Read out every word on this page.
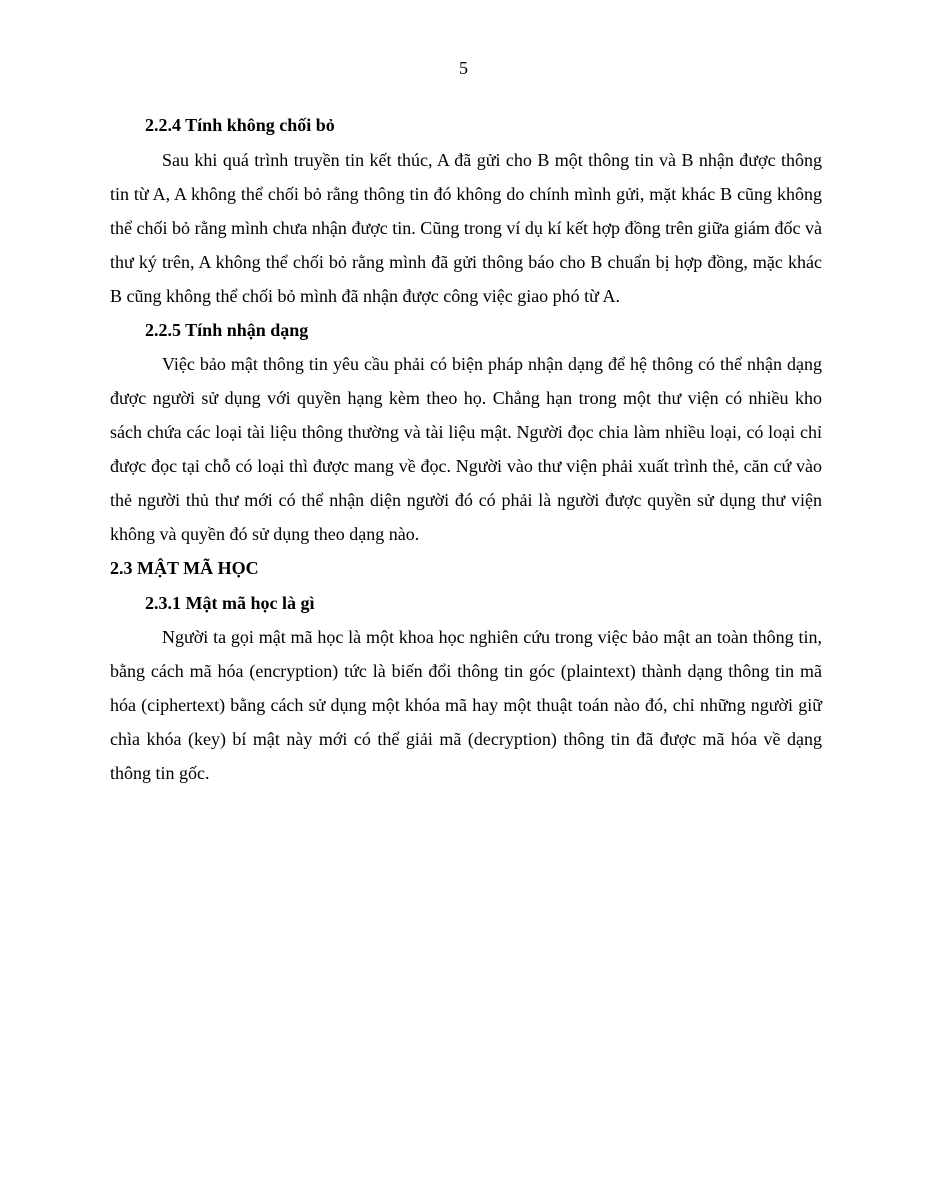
5
2.2.4 Tính không chối bỏ

Sau khi quá trình truyền tin kết thúc, A đã gửi cho B một thông tin và B nhận được thông tin từ A, A không thể chối bỏ rằng thông tin đó không do chính mình gửi, mặt khác B cũng không thể chối bỏ rằng mình chưa nhận được tin. Cũng trong ví dụ kí kết hợp đồng trên giữa giám đốc và thư ký trên, A không thể chối bỏ rằng mình đã gửi thông báo cho B chuẩn bị hợp đồng, mặc khác B cũng không thể chối bỏ mình đã nhận được công việc giao phó từ A.

2.2.5 Tính nhận dạng

Việc bảo mật thông tin yêu cầu phải có biện pháp nhận dạng để hệ thông có thể nhận dạng được người sử dụng với quyền hạng kèm theo họ. Chẳng hạn trong một thư viện có nhiều kho sách chứa các loại tài liệu thông thường và tài liệu mật. Người đọc chia làm nhiều loại, có loại chỉ được đọc tại chỗ có loại thì được mang về đọc. Người vào thư viện phải xuất trình thẻ, căn cứ vào thẻ người thủ thư mới có thể nhận diện người đó có phải là người được quyền sử dụng thư viện không và quyền đó sử dụng theo dạng nào.

2.3 MẬT MÃ HỌC
2.3.1 Mật mã học là gì

Người ta gọi mật mã học là một khoa học nghiên cứu trong việc bảo mật an toàn thông tin, bằng cách mã hóa (encryption) tức là biến đổi thông tin góc (plaintext) thành dạng thông tin mã hóa (ciphertext) bằng cách sử dụng một khóa mã hay một thuật toán nào đó, chỉ những người giữ chìa khóa (key) bí mật này mới có thể giải mã (decryption) thông tin đã được mã hóa về dạng thông tin gốc.
